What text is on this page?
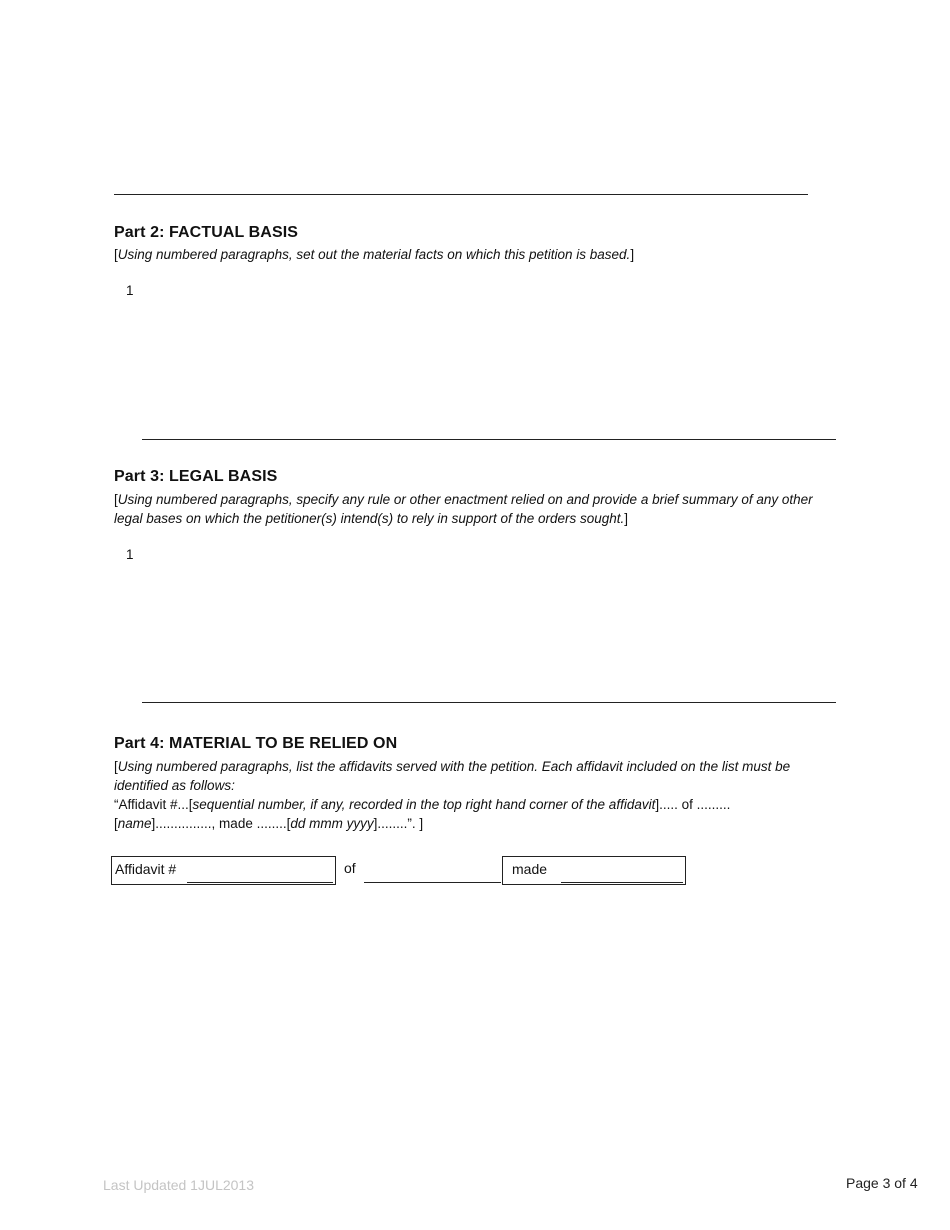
Part 2: FACTUAL BASIS
[Using numbered paragraphs, set out the material facts on which this petition is based.]
1
Part 3: LEGAL BASIS
[Using numbered paragraphs, specify any rule or other enactment relied on and provide a brief summary of any other
legal bases on which the petitioner(s) intend(s) to rely in support of the orders sought.]
1
Part 4: MATERIAL TO BE RELIED ON
[Using numbered paragraphs, list the affidavits served with the petition. Each affidavit included on the list must be
identified as follows:
“Affidavit #...[sequential number, if any, recorded in the top right hand corner of the affidavit]..... of .........
[name]..............., made ........[dd mmm yyyy]........”. ]
Affidavit #	of	made
Last Updated 1JUL2013	Page 3 of 4
